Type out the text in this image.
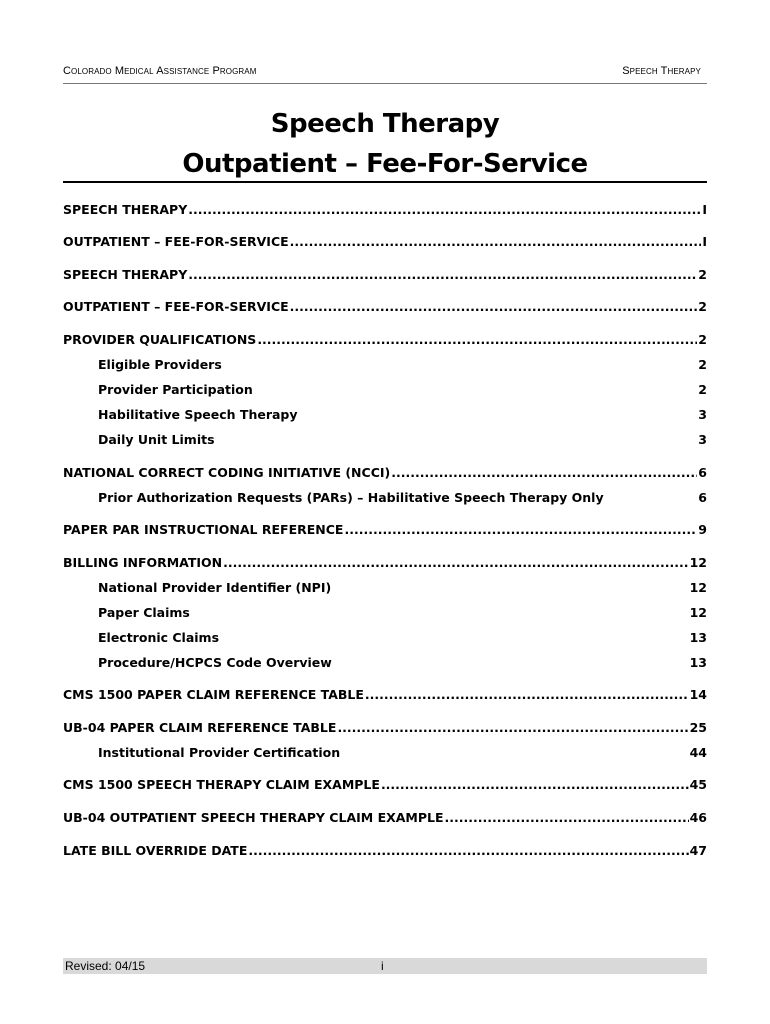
Colorado Medical Assistance Program	Speech Therapy
Speech Therapy
Outpatient – Fee-For-Service
SPEECH THERAPY .....	I
OUTPATIENT – FEE-FOR-SERVICE .....	I
SPEECH THERAPY .....	2
OUTPATIENT – FEE-FOR-SERVICE .....	2
PROVIDER QUALIFICATIONS .....	2
Eligible Providers	2
Provider Participation	2
Habilitative Speech Therapy	3
Daily Unit Limits	3
NATIONAL CORRECT CODING INITIATIVE (NCCI) .....	6
Prior Authorization Requests (PARs) – Habilitative Speech Therapy Only	6
PAPER PAR INSTRUCTIONAL REFERENCE .....	9
BILLING INFORMATION .....	12
National Provider Identifier (NPI)	12
Paper Claims	12
Electronic Claims	13
Procedure/HCPCS Code Overview	13
CMS 1500 PAPER CLAIM REFERENCE TABLE .....	14
UB-04 PAPER CLAIM REFERENCE TABLE .....	25
Institutional Provider Certification	44
CMS 1500 SPEECH THERAPY CLAIM EXAMPLE .....	45
UB-04 OUTPATIENT SPEECH THERAPY CLAIM EXAMPLE .....	46
LATE BILL OVERRIDE DATE .....	47
Revised: 04/15	i
